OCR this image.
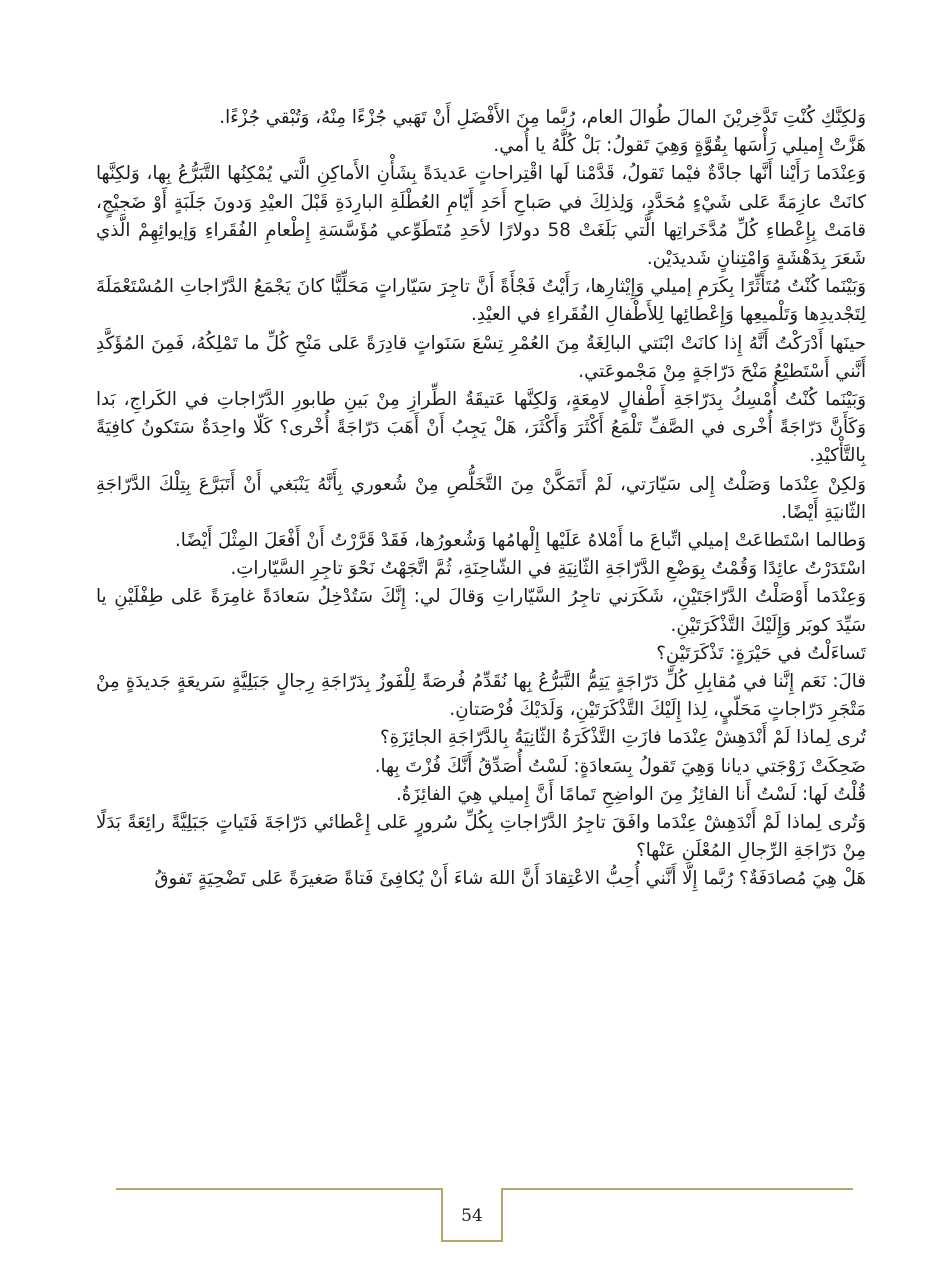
وَلكِنَّكِ كُنْتِ تَدَّخِريْنَ المالَ طُوالَ العام، رُبَّما مِنَ الأَفْضَلِ أَنْ تَهَبي جُزْءًا مِنْهُ، وَتُبْقي جُزْءًا.

هَزَّتْ إِميلي رَأْسَها بِقُوَّةٍ وَهِيَ تَقولُ: بَلْ كُلَّهُ يا أُمي.

وَعِنْدَما رَأَيْنا أَنَّها جادَّةٌ فيْما تَقولُ، قَدَّمْنا لَها اقْتِراحاتٍ عَديدَةً بِشَأْنِ الأَماكِنِ الَّتي يُمْكِنُها التَّبَرُّعُ بِها، وَلكِنَّها كانَتْ عازِمَةً عَلى شَيْءٍ مُحَدَّدٍ، وَلِذلِكَ في صَباحِ أَحَدِ أَيّامِ العُطْلَةِ البارِدَةِ قَبْلَ العيْدِ وَدونَ جَلَبَةٍ أَوْ ضَجيْجٍ، قامَتْ بِإِعْطاءِ كُلِّ مُدَّخَراتِها الَّتي بَلَغَتْ 58 دولارًا لأحَدِ مُتَطَوِّعي مُؤَسَّسَةِ إِطْعامِ الفُقَراءِ وَإيوائِهِمْ الَّذي شَعَرَ بِدَهْشَةٍ وَامْتِنانٍ شَديدَيْن.

وَبَيْنَما كُنْتُ مُتَأَثِّرًا بِكَرَمِ إميلي وَإِيْثارِها، رَأَيْتُ فَجْأَةً أَنَّ تاجِرَ سَيّاراتٍ مَحَلِّيًّا كانَ يَجْمَعُ الدَّرّاجاتِ المُسْتَعْمَلَةَ لِتَجْديدِها وَتَلْميعِها وَإِعْطائِها لِلأَطْفالِ الفُقَراءِ في العيْدِ.

حينَها أَدْرَكْتُ أَنَّهُ إِذا كانَتْ ابْنَتي البالِغَةُ مِنَ العُمْرِ تِسْعَ سَنَواتٍ قادِرَةً عَلى مَنْحِ كُلِّ ما تَمْلِكُهُ، فَمِنَ المُؤَكَّدِ أَنَّني أَسْتَطيْعُ مَنْحَ دَرّاجَةٍ مِنْ مَجْموعَتي.

وَبَيْنَما كُنْتُ أُمْسِكُ بِدَرّاجَةِ أَطْفالٍ لامِعَةٍ، وَلكِنَّها عَتيقَةُ الطِّرازِ مِنْ بَينِ طابورِ الدَّرّاجاتِ في الكَراجِ، بَدا وَكَأَنَّ دَرّاجَةً أُخْرى في الصَّفِّ تَلْمَعُ أَكْثَرَ وَأَكْثَرَ، هَلْ يَجِبُ أَنْ أَهَبَ دَرّاجَةً أُخْرى؟ كَلّا واحِدَةٌ سَتَكونُ كافِيَةً بِالتَّأْكيْدِ.

وَلكِنْ عِنْدَما وَصَلْتُ إِلى سَيّارَتي، لَمْ أَتَمَكَّنْ مِنَ التَّخَلُّصِ مِنْ شُعوري بِأَنَّهُ يَنْبَغي أَنْ أَتَبَرَّعَ بِتِلْكَ الدَّرّاجَةِ الثّانيَةِ أَيْضًا.

وَطالما اسْتَطاعَتْ إميلي اتِّباعَ ما أَمْلاهُ عَلَيْها إِلْهامُها وَشُعورُها، فَقَدْ قَرَّرْتُ أَنْ أَفْعَلَ المِثْلَ أَيْضًا.

اسْتَدَرْتُ عائِدًا وَقُمْتُ بِوَضْعِ الدَّرّاجَةِ الثّانِيَةِ في الشّاحِنَةِ، ثُمَّ اتَّجَهْتُ نَحْوَ تاجِرِ السَّيّاراتِ.

وَعِنْدَما أَوْصَلْتُ الدَّرّاجَتَيْنِ، شَكَرَني تاجِرُ السَّيّاراتِ وَقالَ لي: إِنَّكَ سَتُدْخِلُ سَعادَةً غامِرَةً عَلى طِفْلَيْنِ يا سَيِّدَ كوبَر وَإِلَيْكَ التَّذْكَرَتَيْنِ.

تَساءَلْتُ في حَيْرَةٍ: تَذْكَرَتَيْنِ؟

قالَ: نَعَم إِنَّنا في مُقابِلِ كُلِّ دَرّاجَةٍ يَتِمُّ التَّبَرُّعُ بِها نُقَدِّمُ فُرصَةً لِلْفَوزُ بِدَرّاجَةِ رِجالٍ جَبَلِيَّةٍ سَريعَةٍ جَديدَةٍ مِنْ مَتْجَرِ دَرّاجاتٍ مَحَلّيٍ، لِذا إِلَيْكَ التَّذْكَرَتَيْنِ، وَلَدَيْكَ فُرْصَتانِ.

تُرى لِماذا لَمْ أَنْدَهِشْ عِنْدَما فازَتِ التَّذْكَرَةُ الثّانِيَةُ بِالدَّرّاجَةِ الجائِزَةِ؟

ضَحِكَتْ زَوْجَتي ديانا وَهِيَ تَقولُ بِسَعادَةٍ: لَسْتُ أُصَدِّقُ أَنَّكَ فُزْتَ بِها.

قُلْتُ لَها: لَسْتُ أَنا الفائِزُ مِنَ الواضِحِ تَمامًا أَنَّ إِميلي هِيَ الفائِزَةُ.

وَتُرى لِماذا لَمْ أَنْدَهِشْ عِنْدَما وافَقَ تاجِرُ الدَّرّاجاتِ بِكُلِّ سُرورٍ عَلى إِعْطائي دَرّاجَةَ فَتَياتٍ جَبَلِيَّةً رائِعَةً بَدَلًا مِنْ دَرّاجَةِ الرِّجالِ المُعْلَنِ عَنْها؟

هَلْ هِيَ مُصادَفَةٌ؟ رُبَّما إِلّا أَنَّني أُحِبُّ الاعْتِقادَ أَنَّ اللهَ شاءَ أَنْ يُكافِئَ فَتاةً صَغيرَةً عَلى تَضْحِيَةٍ تَفوقُ

54
